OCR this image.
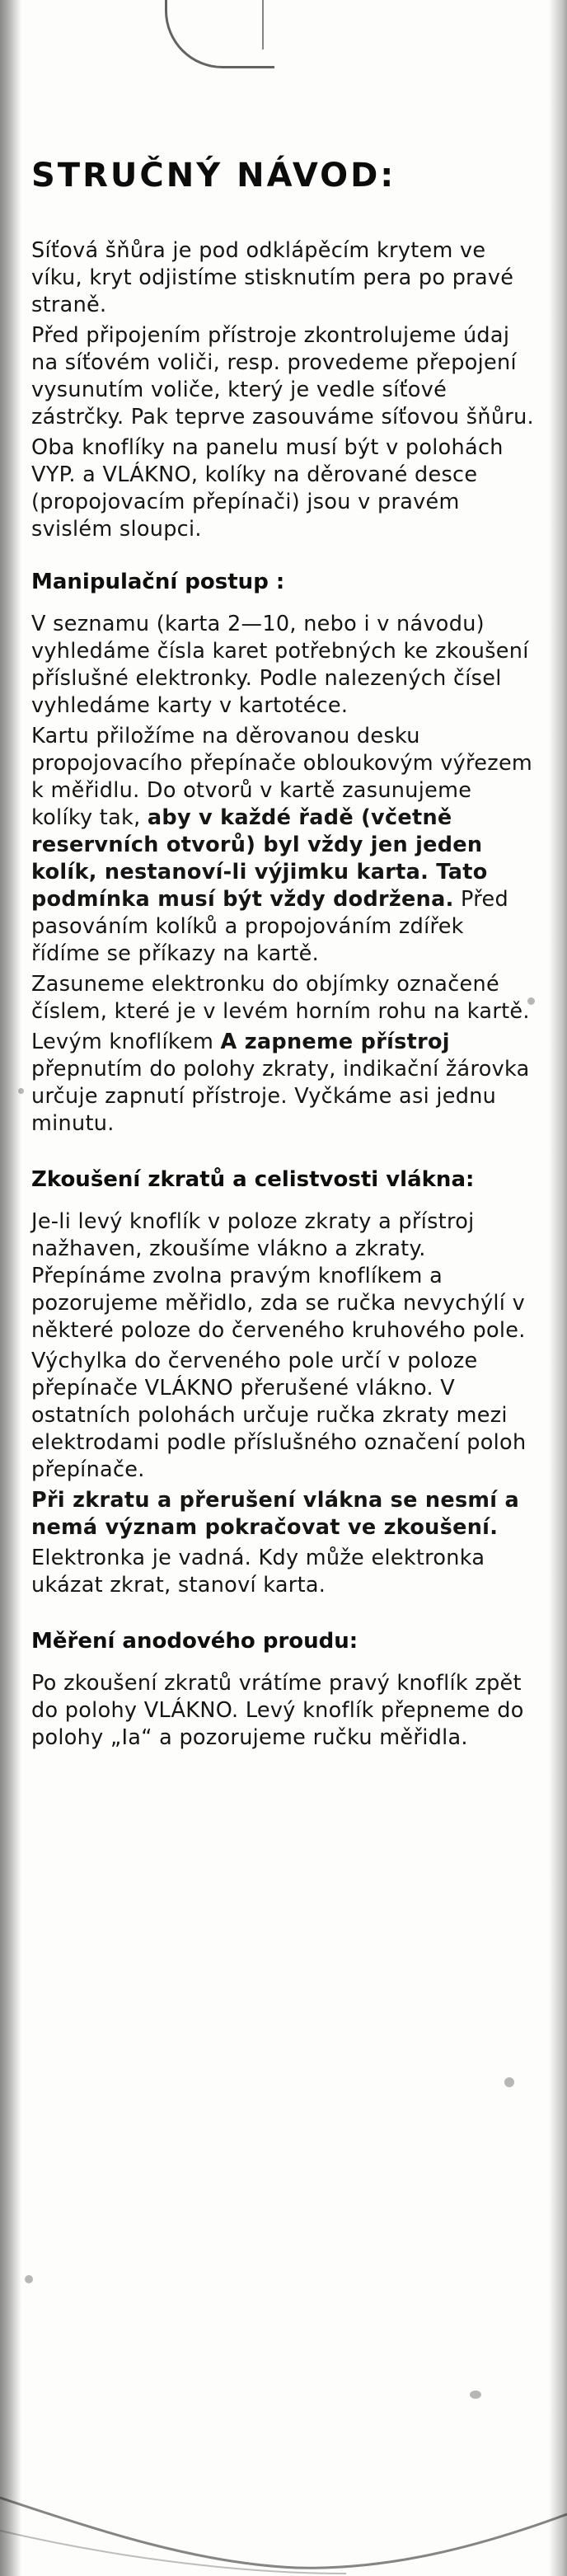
STRUČNÝ NÁVOD:

Síťová šňůra je pod odklápěcím krytem ve víku, kryt odjistíme stisknutím pera po pravé straně.

Před připojením přístroje zkontrolujeme údaj na síťovém voliči, resp. provedeme přepojení vysunutím voliče, který je vedle síťové zástrčky. Pak teprve zasouváme síťovou šňůru.

Oba knoflíky na panelu musí být v polohách VYP. a VLÁKNO, kolíky na děrované desce (propojovacím přepínači) jsou v pravém svislém sloupci.

Manipulační postup :

V seznamu (karta 2—10, nebo i v návodu) vyhledáme čísla karet potřebných ke zkoušení příslušné elektronky. Podle nalezených čísel vyhledáme karty v kartotéce.

Kartu přiložíme na děrovanou desku propojovacího přepínače obloukovým výřezem k měřidlu. Do otvorů v kartě zasunujeme kolíky tak, aby v každé řadě (včetně reservních otvorů) byl vždy jen jeden kolík, nestanoví-li výjimku karta. Tato podmínka musí být vždy dodržena. Před pasováním kolíků a propojováním zdířek řídíme se příkazy na kartě.

Zasuneme elektronku do objímky označené číslem, které je v levém horním rohu na kartě.

Levým knoflíkem A zapneme přístroj přepnutím do polohy zkraty, indikační žárovka určuje zapnutí přístroje. Vyčkáme asi jednu minutu.

Zkoušení zkratů a celistvosti vlákna:

Je-li levý knoflík v poloze zkraty a přístroj nažhaven, zkoušíme vlákno a zkraty. Přepínáme zvolna pravým knoflíkem a pozorujeme měřidlo, zda se ručka nevychýlí v některé poloze do červeného kruhového pole.

Výchylka do červeného pole určí v poloze přepínače VLÁKNO přerušené vlákno. V ostatních polohách určuje ručka zkraty mezi elektrodami podle příslušného označení poloh přepínače.

Při zkratu a přerušení vlákna se nesmí a nemá význam pokračovat ve zkoušení.

Elektronka je vadná. Kdy může elektronka ukázat zkrat, stanoví karta.

Měření anodového proudu:

Po zkoušení zkratů vrátíme pravý knoflík zpět do polohy VLÁKNO. Levý knoflík přepneme do polohy „Ia“ a pozorujeme ručku měřidla.
